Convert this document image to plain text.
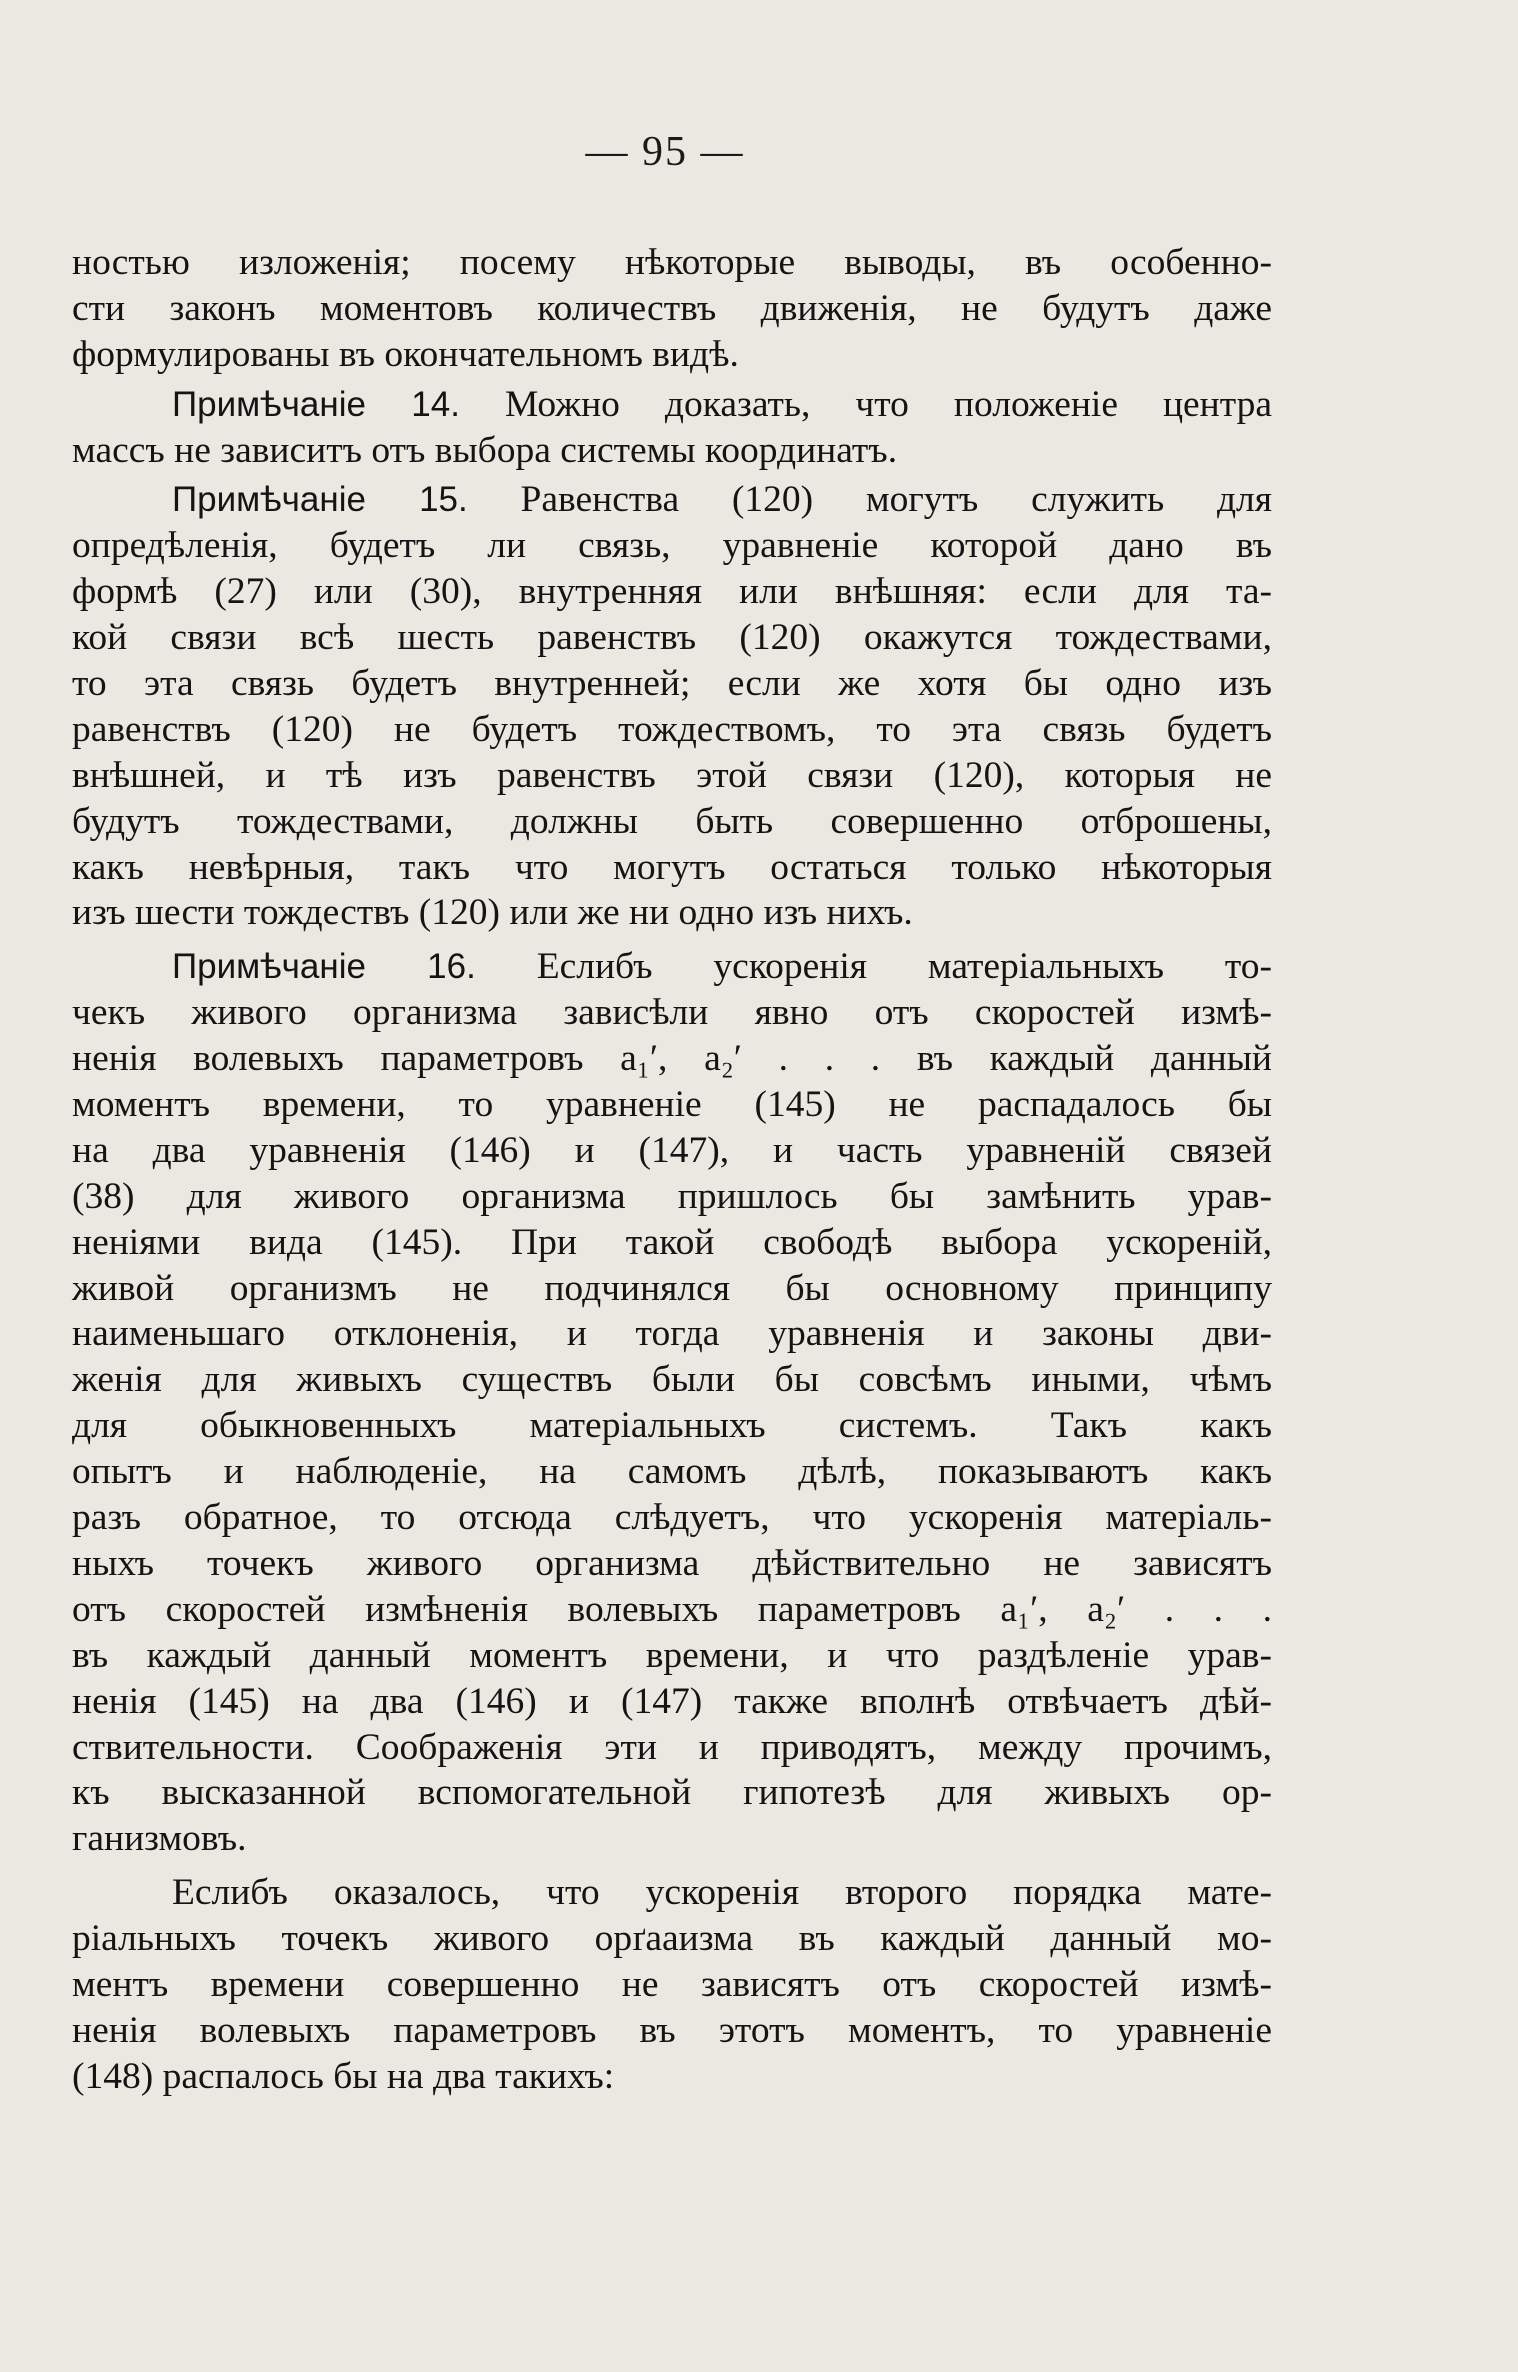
— 95 —
ностью изложенія; посему нѣкоторые выводы, въ особенно-
сти законъ моментовъ количествъ движенія, не будутъ даже
формулированы въ окончательномъ видѣ.
Примѣчаніе 14. Можно доказать, что положеніе центра
массъ не зависитъ отъ выбора системы координатъ.
Примѣчаніе 15. Равенства (120) могутъ служить для
опредѣленія, будетъ ли связь, уравненіе которой дано въ
формѣ (27) или (30), внутренняя или внѣшняя: если для та-
кой связи всѣ шесть равенствъ (120) окажутся тождествами,
то эта связь будетъ внутренней; если же хотя бы одно изъ
равенствъ (120) не будетъ тождествомъ, то эта связь будетъ
внѣшней, и тѣ изъ равенствъ этой связи (120), которыя не
будутъ тождествами, должны быть совершенно отброшены,
какъ невѣрныя, такъ что могутъ остаться только нѣкоторыя
изъ шести тождествъ (120) или же ни одно изъ нихъ.
Примѣчаніе 16. Еслибъ ускоренія матеріальныхъ то-
чекъ живого организма зависѣли явно отъ скоростей измѣ-
ненія волевыхъ параметровъ a₁′, a₂′ . . . въ каждый данный
моментъ времени, то уравненіе (145) не распадалось бы
на два уравненія (146) и (147), и часть уравненій связей
(38) для живого организма пришлось бы замѣнить урав-
неніями вида (145). При такой свободѣ выбора ускореній,
живой организмъ не подчинялся бы основному принципу
наименьшаго отклоненія, и тогда уравненія и законы дви-
женія для живыхъ существъ были бы совсѣмъ иными, чѣмъ
для обыкновенныхъ матеріальныхъ системъ. Такъ какъ
опытъ и наблюденіе, на самомъ дѣлѣ, показываютъ какъ
разъ обратное, то отсюда слѣдуетъ, что ускоренія матеріаль-
ныхъ точекъ живого организма дѣйствительно не зависятъ
отъ скоростей измѣненія волевыхъ параметровъ a₁′, a₂′ . . .
въ каждый данный моментъ времени, и что раздѣленіе урав-
ненія (145) на два (146) и (147) также вполнѣ отвѣчаетъ дѣй-
ствительности. Соображенія эти и приводятъ, между прочимъ,
къ высказанной вспомогательной гипотезѣ для живыхъ ор-
ганизмовъ.
Еслибъ оказалось, что ускоренія второго порядка мате-
ріальныхъ точекъ живого орґаaизма въ каждый данный мо-
ментъ времени совершенно не зависятъ отъ скоростей измѣ-
ненія волевыхъ параметровъ въ этотъ моментъ, то уравненіе
(148) распалось бы на два такихъ:
